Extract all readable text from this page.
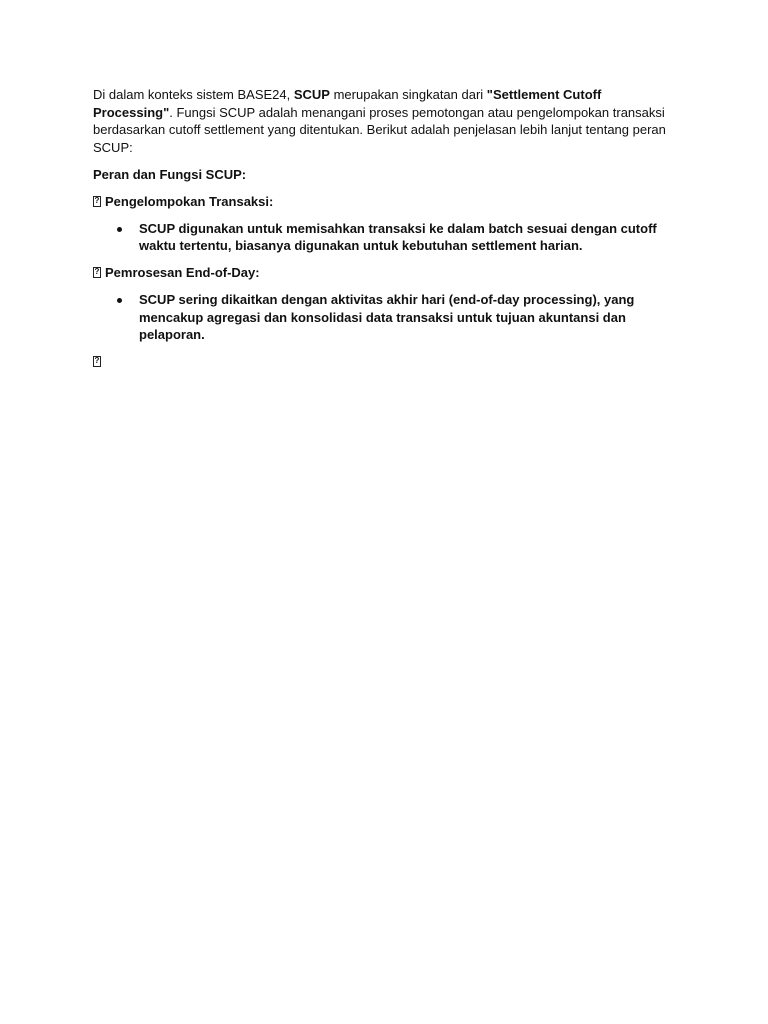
Di dalam konteks sistem BASE24, SCUP merupakan singkatan dari "Settlement Cutoff Processing". Fungsi SCUP adalah menangani proses pemotongan atau pengelompokan transaksi berdasarkan cutoff settlement yang ditentukan. Berikut adalah penjelasan lebih lanjut tentang peran SCUP:

Peran dan Fungsi SCUP:

?Pengelompokan Transaksi:

SCUP digunakan untuk memisahkan transaksi ke dalam batch sesuai dengan cutoff waktu tertentu, biasanya digunakan untuk kebutuhan settlement harian.

?Pemrosesan End-of-Day:

SCUP sering dikaitkan dengan aktivitas akhir hari (end-of-day processing), yang mencakup agregasi dan konsolidasi data transaksi untuk tujuan akuntansi dan pelaporan.

?
